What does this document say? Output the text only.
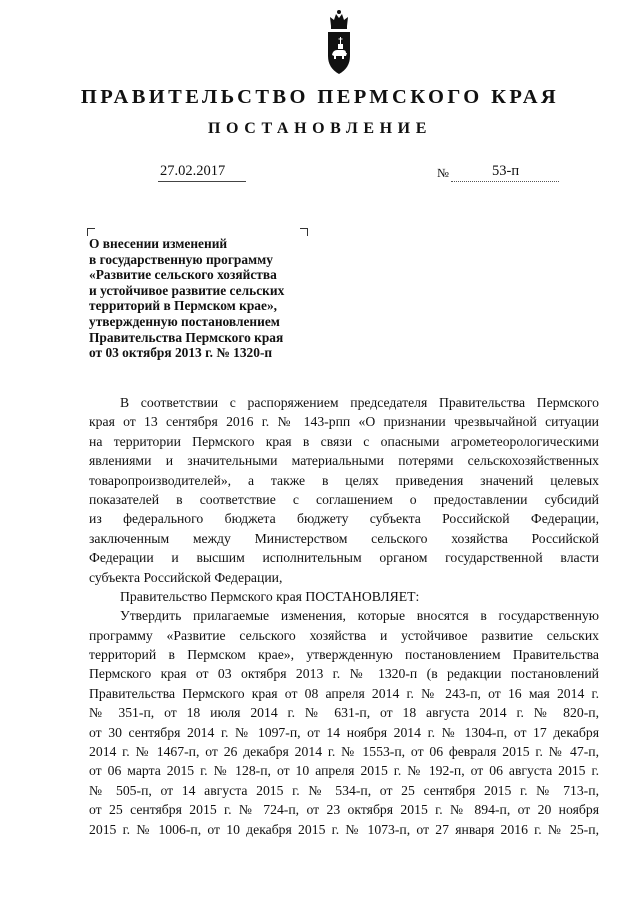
ПРАВИТЕЛЬСТВО ПЕРМСКОГО КРАЯ
ПОСТАНОВЛЕНИЕ
27.02.2017	№	53-п
О внесении изменений
в государственную программу
«Развитие сельского хозяйства
и устойчивое развитие сельских
территорий в Пермском крае»,
утвержденную постановлением
Правительства Пермского края
от 03 октября 2013 г. № 1320-п
В соответствии с распоряжением председателя Правительства Пермского
края от 13 сентября 2016 г. № 143-рпп «О признании чрезвычайной ситуации
на территории Пермского края в связи с опасными агрометеорологическими
явлениями и значительными материальными потерями сельскохозяйственных
товаропроизводителей», а также в целях приведения значений целевых
показателей в соответствие с соглашением о предоставлении субсидий
из федерального бюджета бюджету субъекта Российской Федерации,
заключенным между Министерством сельского хозяйства Российской
Федерации и высшим исполнительным органом государственной власти
субъекта Российской Федерации,
Правительство Пермского края ПОСТАНОВЛЯЕТ:
Утвердить прилагаемые изменения, которые вносятся в государственную
программу «Развитие сельского хозяйства и устойчивое развитие сельских
территорий в Пермском крае», утвержденную постановлением Правительства
Пермского края от 03 октября 2013 г. № 1320-п (в редакции постановлений
Правительства Пермского края от 08 апреля 2014 г. № 243-п, от 16 мая 2014 г.
№ 351-п, от 18 июля 2014 г. № 631-п, от 18 августа 2014 г. № 820-п,
от 30 сентября 2014 г. № 1097-п, от 14 ноября 2014 г. № 1304-п, от 17 декабря
2014 г. № 1467-п, от 26 декабря 2014 г. № 1553-п, от 06 февраля 2015 г. № 47-п,
от 06 марта 2015 г. № 128-п, от 10 апреля 2015 г. № 192-п, от 06 августа 2015 г.
№ 505-п, от 14 августа 2015 г. № 534-п, от 25 сентября 2015 г. № 713-п,
от 25 сентября 2015 г. № 724-п, от 23 октября 2015 г. № 894-п, от 20 ноября
2015 г. № 1006-п, от 10 декабря 2015 г. № 1073-п, от 27 января 2016 г. № 25-п,
